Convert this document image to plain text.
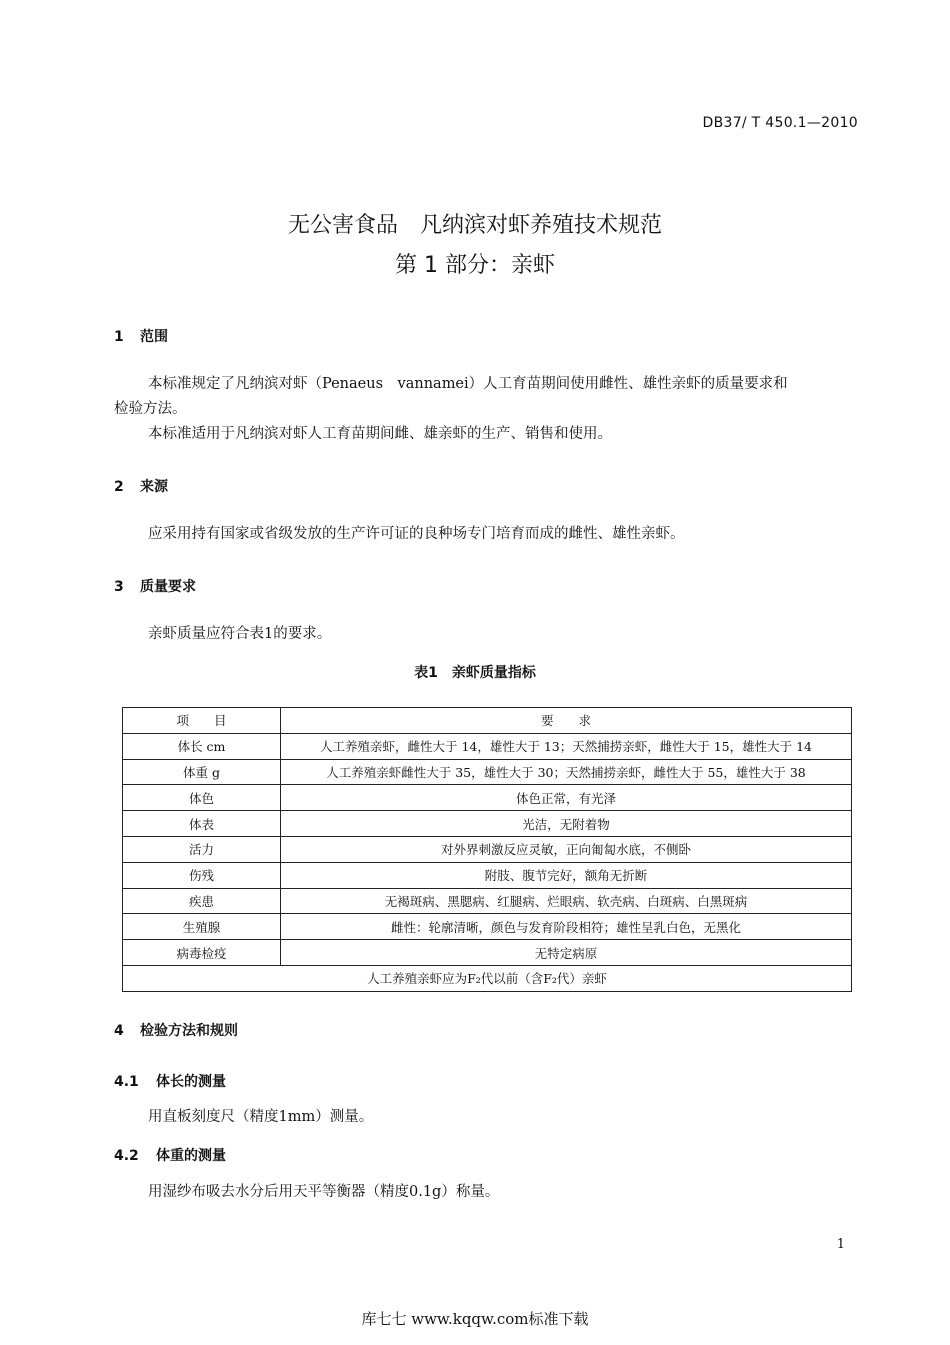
DB37/ T 450.1—2010
无公害食品　凡纳滨对虾养殖技术规范
第 1 部分：亲虾
1 范围
本标准规定了凡纳滨对虾（Penaeus　vannamei）人工育苗期间使用雌性、雄性亲虾的质量要求和
检验方法。
本标准适用于凡纳滨对虾人工育苗期间雌、雄亲虾的生产、销售和使用。
2 来源
应采用持有国家或省级发放的生产许可证的良种场专门培育而成的雌性、雄性亲虾。
3 质量要求
亲虾质量应符合表1的要求。
表1　亲虾质量指标
项　　目	要　　求
体长 cm	人工养殖亲虾，雌性大于 14，雄性大于 13；天然捕捞亲虾，雌性大于 15，雄性大于 14
体重 g	人工养殖亲虾雌性大于 35，雄性大于 30；天然捕捞亲虾，雌性大于 55，雄性大于 38
体色	体色正常，有光泽
体表	光洁，无附着物
活力	对外界刺激反应灵敏，正向匍匐水底，不侧卧
伤残	附肢、腹节完好，额角无折断
疾患	无褐斑病、黑腮病、红腿病、烂眼病、软壳病、白斑病、白黑斑病
生殖腺	雌性：轮廓清晰，颜色与发育阶段相符；雄性呈乳白色，无黑化
病毒检疫	无特定病原
人工养殖亲虾应为F₂代以前（含F₂代）亲虾	
4 检验方法和规则
4.1 体长的测量
用直板刻度尺（精度1mm）测量。
4.2 体重的测量
用湿纱布吸去水分后用天平等衡器（精度0.1g）称量。
1
库七七 www.kqqw.com标准下载
